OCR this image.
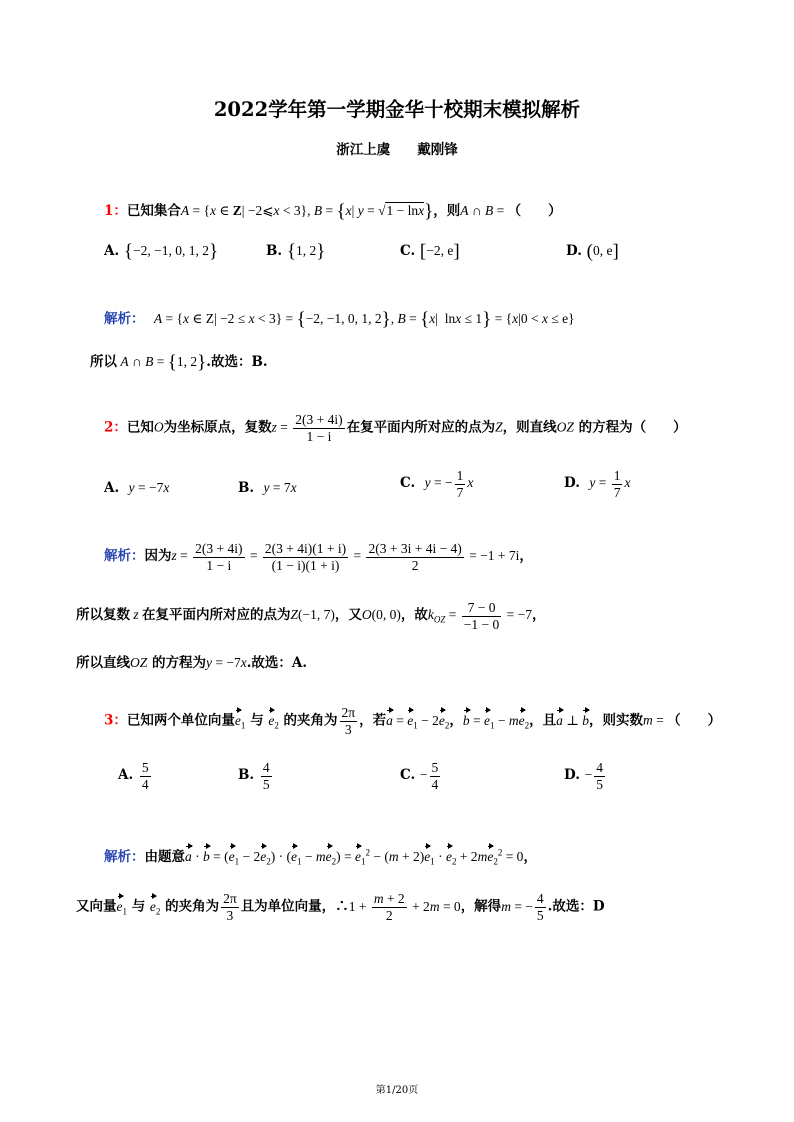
2022学年第一学期金华十校期末模拟解析
浙江上虞　　戴刚锋
1：已知集合A = {x ∈ Z| −2⩽x < 3}, B = {x| y = √1 − lnx}，则A ∩ B = （　　）
A. {−2, −1, 0, 1, 2}	B. {1, 2}	C. [−2, e]	D. (0, e]
解析： A = {x ∈ Z| −2 ≤ x < 3} = {−2, −1, 0, 1, 2}, B = {x|  lnx ≤ 1} = {x|0 < x ≤ e}
所以 A ∩ B = {1, 2}.故选：B.
2：已知O为坐标原点，复数$z = \frac{2(3 + 4i)}{1 - i}$ 在复平面内所对应的点为Z，则直线OZ 的方程为（　　）
A. y = −7x	B. y = 7x	C. y = − $\frac{1}{7}$ x	D. $y = \frac{1}{7}$ x
解析：因为$z = \frac{2(3 + 4i)}{1 - i} = \frac{2(3 + 4i)(1 + i)}{(1 - i)(1 + i)} = \frac{2(3 + 3i + 4i - 4)}{2} = -1 + 7i$，
所以复数 z 在复平面内所对应的点为Z(−1, 7)，又O(0, 0)，故$k_{OZ} = \frac{7 - 0}{-1 - 0} = -7$，
所以直线OZ 的方程为y = −7x.故选：A.
3：已知两个单位向量$e_1$ 与 $e_2$ 的夹角为 $\frac{2\pi}{3}$ ，若$a = e_1 - 2e_2$，$b = e_1 - me_2$，且a ⊥ b，则实数m = （　　）
A. $\frac{5}{4}$	B. $\frac{4}{5}$	C. − $\frac{5}{4}$	D. − $\frac{4}{5}$
解析：由题意$a \cdot b = (e_1 - 2e_2) \cdot (e_1 - me_2) = e_1^2 - (m + 2)e_1 \cdot e_2 + 2me_2^2 = 0$，
又向量$e_1$ 与 $e_2$ 的夹角为 $\frac{2\pi}{3}$ 且为单位向量，∴1 + $\frac{m + 2}{2} + 2m = 0$，解得m = − $\frac{4}{5}$ .故选：D
第1/20页
